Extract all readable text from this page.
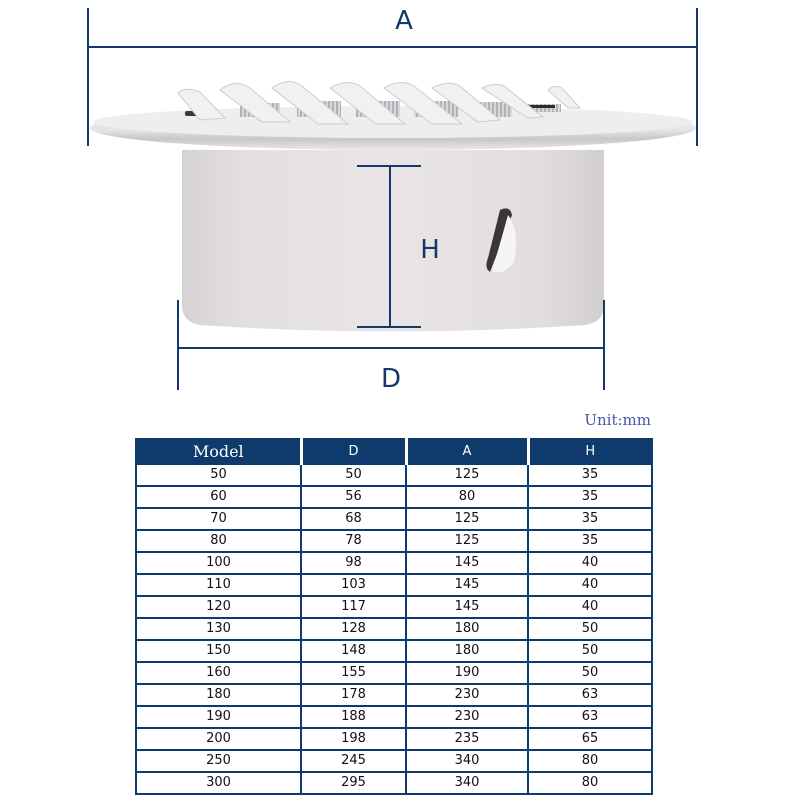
A
H
D
Unit:mm
Model	D	A	H
50	50	125	35
60	56	80	35
70	68	125	35
80	78	125	35
100	98	145	40
110	103	145	40
120	117	145	40
130	128	180	50
150	148	180	50
160	155	190	50
180	178	230	63
190	188	230	63
200	198	235	65
250	245	340	80
300	295	340	80
